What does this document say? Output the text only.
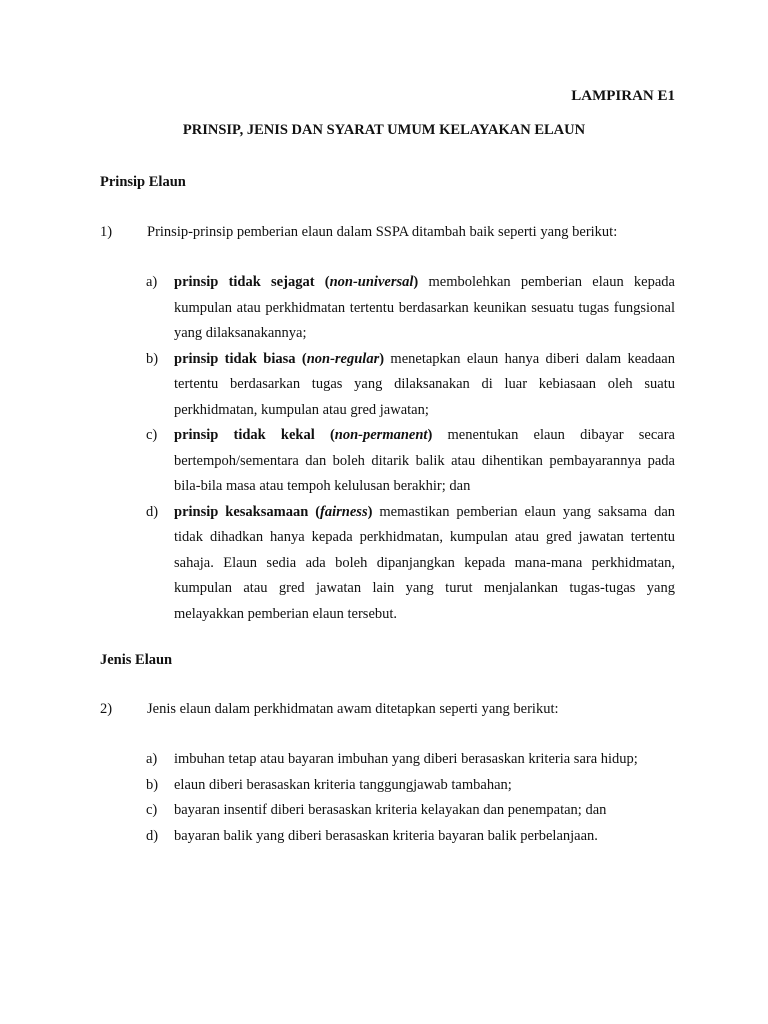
LAMPIRAN E1
PRINSIP, JENIS DAN SYARAT UMUM KELAYAKAN ELAUN
Prinsip Elaun
1) Prinsip-prinsip pemberian elaun dalam SSPA ditambah baik seperti yang berikut:
a) prinsip tidak sejagat (non-universal) membolehkan pemberian elaun kepada kumpulan atau perkhidmatan tertentu berdasarkan keunikan sesuatu tugas fungsional yang dilaksanakannya;
b) prinsip tidak biasa (non-regular) menetapkan elaun hanya diberi dalam keadaan tertentu berdasarkan tugas yang dilaksanakan di luar kebiasaan oleh suatu perkhidmatan, kumpulan atau gred jawatan;
c) prinsip tidak kekal (non-permanent) menentukan elaun dibayar secara bertempoh/sementara dan boleh ditarik balik atau dihentikan pembayarannya pada bila-bila masa atau tempoh kelulusan berakhir; dan
d) prinsip kesaksamaan (fairness) memastikan pemberian elaun yang saksama dan tidak dihadkan hanya kepada perkhidmatan, kumpulan atau gred jawatan tertentu sahaja. Elaun sedia ada boleh dipanjangkan kepada mana-mana perkhidmatan, kumpulan atau gred jawatan lain yang turut menjalankan tugas-tugas yang melayakkan pemberian elaun tersebut.
Jenis Elaun
2) Jenis elaun dalam perkhidmatan awam ditetapkan seperti yang berikut:
a) imbuhan tetap atau bayaran imbuhan yang diberi berasaskan kriteria sara hidup;
b) elaun diberi berasaskan kriteria tanggungjawab tambahan;
c) bayaran insentif diberi berasaskan kriteria kelayakan dan penempatan; dan
d) bayaran balik yang diberi berasaskan kriteria bayaran balik perbelanjaan.
